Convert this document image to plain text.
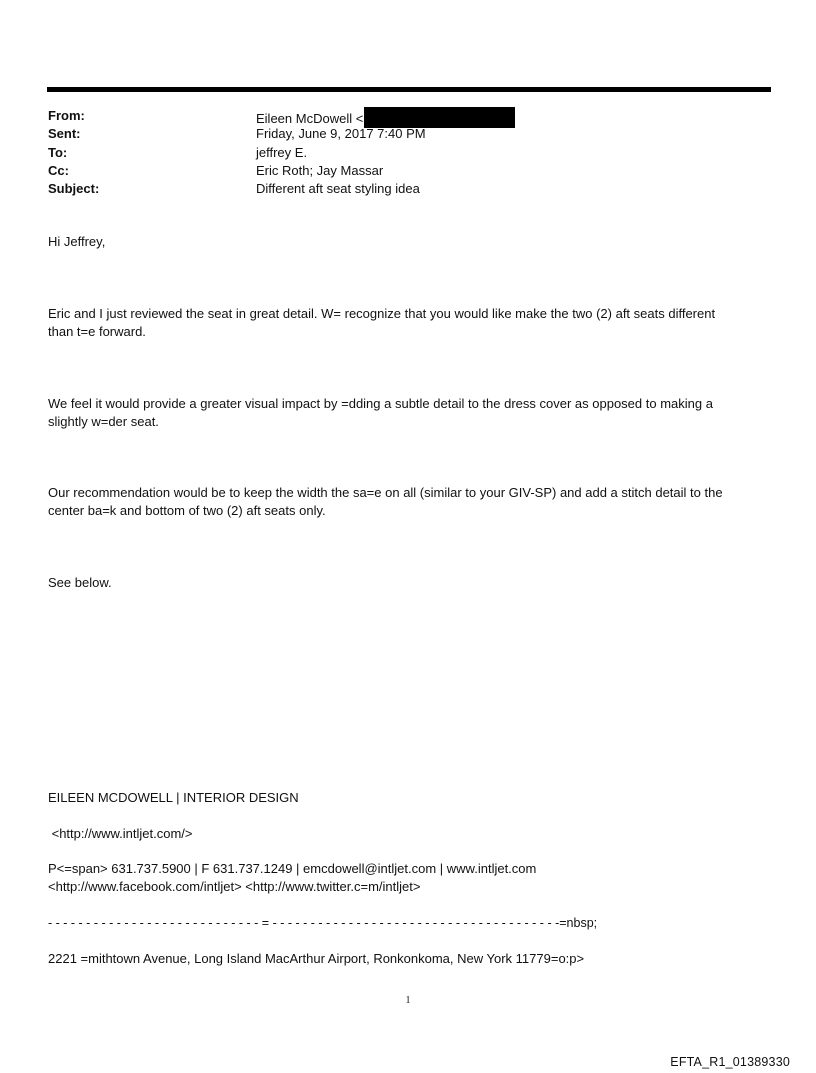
From:	Eileen McDowell <
Sent:	Friday, June 9, 2017 7:40 PM
To:	jeffrey E.
Cc:	Eric Roth; Jay Massar
Subject:	Different aft seat styling idea

Hi Jeffrey,

Eric and I just reviewed the seat in great detail. W= recognize that you would like make the two (2) aft seats different
than t=e forward.

We feel it would provide a greater visual impact by =dding a subtle detail to the dress cover as opposed to making a
slightly w=der seat.

Our recommendation would be to keep the width the sa=e on all (similar to your GIV-SP) and add a stitch detail to the
center ba=k and bottom of two (2) aft seats only.

See below.

EILEEN MCDOWELL | INTERIOR DESIGN

<http://www.intljet.com/>

P<=span> 631.737.5900 | F 631.737.1249 | emcdowell@intljet.com | www.intljet.com
<http://www.facebook.com/intljet> <http://www.twitter.c=m/intljet>

- - - - - - - - - - - - - - - - - - - - - - - - - - - - = - - - - - - - - - - - - - - - - - - - - - - - - - - - - - - - - - - - - - -=nbsp;

2221 =mithtown Avenue, Long Island MacArthur Airport, Ronkonkoma, New York 11779=o:p>

1
EFTA_R1_01389330
